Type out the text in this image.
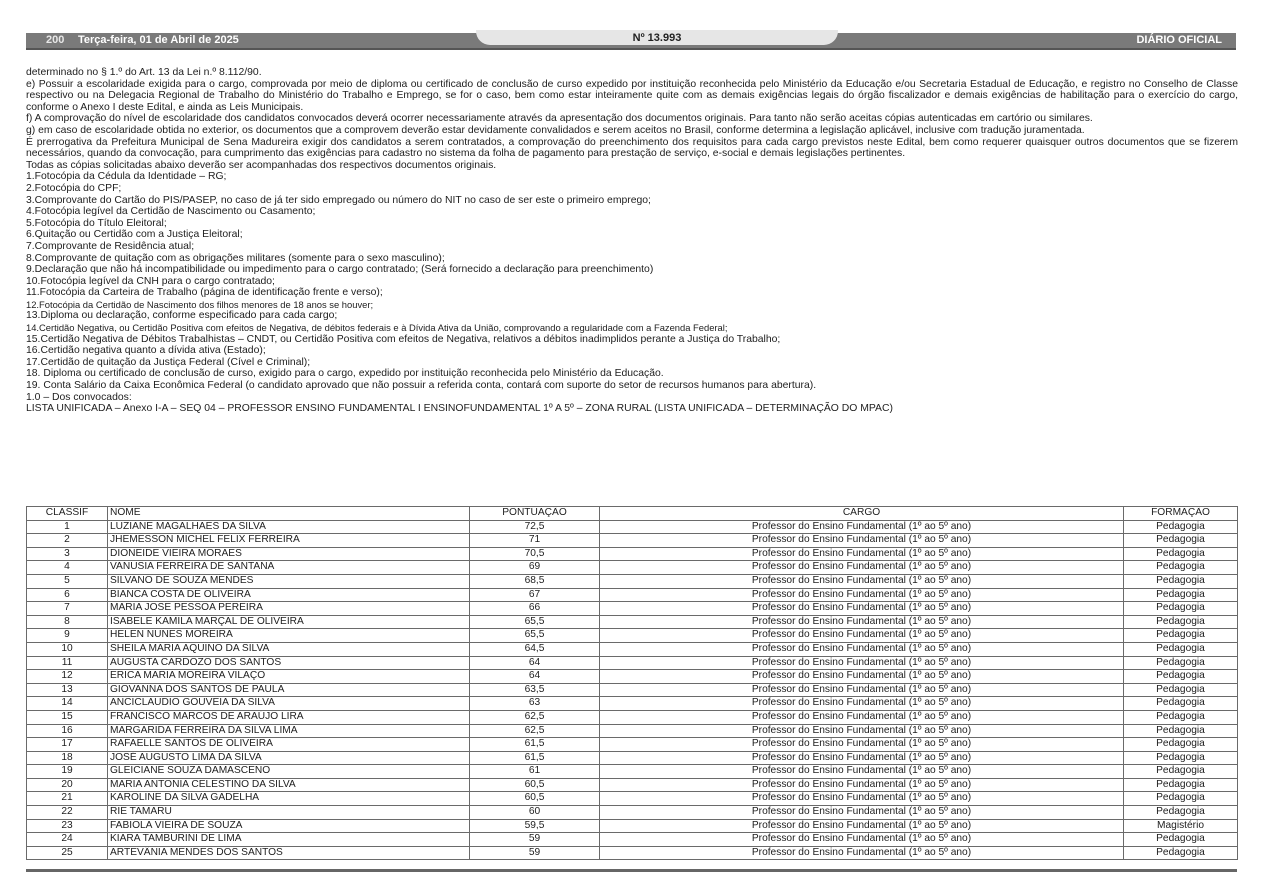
200 Terça-feira, 01 de Abril de 2025	Nº 13.993	DIÁRIO OFICIAL

determinado no § 1.º do Art. 13 da Lei n.º 8.112/90.

e) Possuir a escolaridade exigida para o cargo, comprovada por meio de diploma ou certificado de conclusão de curso expedido por instituição reconhecida pelo Ministério da Educação e/ou Secretaria Estadual de Educação, e registro no Conselho de Classe respectivo ou na Delegacia Regional de Trabalho do Ministério do Trabalho e Emprego, se for o caso, bem como estar inteiramente quite com as demais exigências legais do órgão fiscalizador e demais exigências de habilitação para o exercício do cargo, conforme o Anexo I deste Edital, e ainda as Leis Municipais.

f) A comprovação do nível de escolaridade dos candidatos convocados deverá ocorrer necessariamente através da apresentação dos documentos originais. Para tanto não serão aceitas cópias autenticadas em cartório ou similares.

g) em caso de escolaridade obtida no exterior, os documentos que a comprovem deverão estar devidamente convalidados e serem aceitos no Brasil, conforme determina a legislação aplicável, inclusive com tradução juramentada.

É prerrogativa da Prefeitura Municipal de Sena Madureira exigir dos candidatos a serem contratados, a comprovação do preenchimento dos requisitos para cada cargo previstos neste Edital, bem como requerer quaisquer outros documentos que se fizerem necessários, quando da convocação, para cumprimento das exigências para cadastro no sistema da folha de pagamento para prestação de serviço, e-social e demais legislações pertinentes.

Todas as cópias solicitadas abaixo deverão ser acompanhadas dos respectivos documentos originais.

1.Fotocópia da Cédula da Identidade – RG;
2.Fotocópia do CPF;
3.Comprovante do Cartão do PIS/PASEP, no caso de já ter sido empregado ou número do NIT no caso de ser este o primeiro emprego;
4.Fotocópia legível da Certidão de Nascimento ou Casamento;
5.Fotocópia do Título Eleitoral;
6.Quitação ou Certidão com a Justiça Eleitoral;
7.Comprovante de Residência atual;
8.Comprovante de quitação com as obrigações militares (somente para o sexo masculino);
9.Declaração que não há incompatibilidade ou impedimento para o cargo contratado; (Será fornecido a declaração para preenchimento)
10.Fotocópia legível da CNH para o cargo contratado;
11.Fotocópia da Carteira de Trabalho (página de identificação frente e verso);
12.Fotocópia da Certidão de Nascimento dos filhos menores de 18 anos se houver;
13.Diploma ou declaração, conforme especificado para cada cargo;
14.Certidão Negativa, ou Certidão Positiva com efeitos de Negativa, de débitos federais e à Dívida Ativa da União, comprovando a regularidade com a Fazenda Federal;
15.Certidão Negativa de Débitos Trabalhistas – CNDT, ou Certidão Positiva com efeitos de Negativa, relativos a débitos inadimplidos perante a Justiça do Trabalho;
16.Certidão negativa quanto a dívida ativa (Estado);
17.Certidão de quitação da Justiça Federal (Cível e Criminal);
18. Diploma ou certificado de conclusão de curso, exigido para o cargo, expedido por instituição reconhecida pelo Ministério da Educação.
19. Conta Salário da Caixa Econômica Federal (o candidato aprovado que não possuir a referida conta, contará com suporte do setor de recursos humanos para abertura).
1.0 – Dos convocados:
LISTA UNIFICADA – Anexo I-A – SEQ 04 – PROFESSOR ENSINO FUNDAMENTAL I ENSINOFUNDAMENTAL 1º A 5º – ZONA RURAL (LISTA UNIFICADA – DETERMINAÇÃO DO MPAC)
CLASSIF	NOME	PONTUAÇÃO	CARGO	FORMAÇÃO
1	LUZIANE MAGALHAES DA SILVA	72,5	Professor do Ensino Fundamental (1º ao 5º ano)	Pedagogia
2	JHEMESSON MICHEL FELIX FERREIRA	71	Professor do Ensino Fundamental (1º ao 5º ano)	Pedagogia
3	DIONEIDE VIEIRA MORAES	70,5	Professor do Ensino Fundamental (1º ao 5º ano)	Pedagogia
4	VANUSIA FERREIRA DE SANTANA	69	Professor do Ensino Fundamental (1º ao 5º ano)	Pedagogia
5	SILVANO DE SOUZA MENDES	68,5	Professor do Ensino Fundamental (1º ao 5º ano)	Pedagogia
6	BIANCA COSTA DE OLIVEIRA	67	Professor do Ensino Fundamental (1º ao 5º ano)	Pedagogia
7	MARIA JOSE PESSOA PEREIRA	66	Professor do Ensino Fundamental (1º ao 5º ano)	Pedagogia
8	ISABELE KAMILA MARÇAL DE OLIVEIRA	65,5	Professor do Ensino Fundamental (1º ao 5º ano)	Pedagogia
9	HELEN NUNES MOREIRA	65,5	Professor do Ensino Fundamental (1º ao 5º ano)	Pedagogia
10	SHEILA MARIA AQUINO DA SILVA	64,5	Professor do Ensino Fundamental (1º ao 5º ano)	Pedagogia
11	AUGUSTA CARDOZO DOS SANTOS	64	Professor do Ensino Fundamental (1º ao 5º ano)	Pedagogia
12	ERICA MARIA MOREIRA VILAÇO	64	Professor do Ensino Fundamental (1º ao 5º ano)	Pedagogia
13	GIOVANNA DOS SANTOS DE PAULA	63,5	Professor do Ensino Fundamental (1º ao 5º ano)	Pedagogia
14	ANCICLAUDIO GOUVEIA DA SILVA	63	Professor do Ensino Fundamental (1º ao 5º ano)	Pedagogia
15	FRANCISCO MARCOS DE ARAÚJO LIRA	62,5	Professor do Ensino Fundamental (1º ao 5º ano)	Pedagogia
16	MARGARIDA FERREIRA DA SILVA LIMA	62,5	Professor do Ensino Fundamental (1º ao 5º ano)	Pedagogia
17	RAFAELLE SANTOS DE OLIVEIRA	61,5	Professor do Ensino Fundamental (1º ao 5º ano)	Pedagogia
18	JOSÉ AUGUSTO LIMA DA SILVA	61,5	Professor do Ensino Fundamental (1º ao 5º ano)	Pedagogia
19	GLEICIANE SOUZA DAMASCENO	61	Professor do Ensino Fundamental (1º ao 5º ano)	Pedagogia
20	MARIA ANTONIA CELESTINO DA SILVA	60,5	Professor do Ensino Fundamental (1º ao 5º ano)	Pedagogia
21	KAROLINE DA SILVA GADELHA	60,5	Professor do Ensino Fundamental (1º ao 5º ano)	Pedagogia
22	RIE TAMARU	60	Professor do Ensino Fundamental (1º ao 5º ano)	Pedagogia
23	FABIOLA VIEIRA DE SOUZA	59,5	Professor do Ensino Fundamental (1º ao 5º ano)	Magistério
24	KIARA TAMBURINI DE LIMA	59	Professor do Ensino Fundamental (1º ao 5º ano)	Pedagogia
25	ARTEVÂNIA MENDES DOS SANTOS	59	Professor do Ensino Fundamental (1º ao 5º ano)	Pedagogia
